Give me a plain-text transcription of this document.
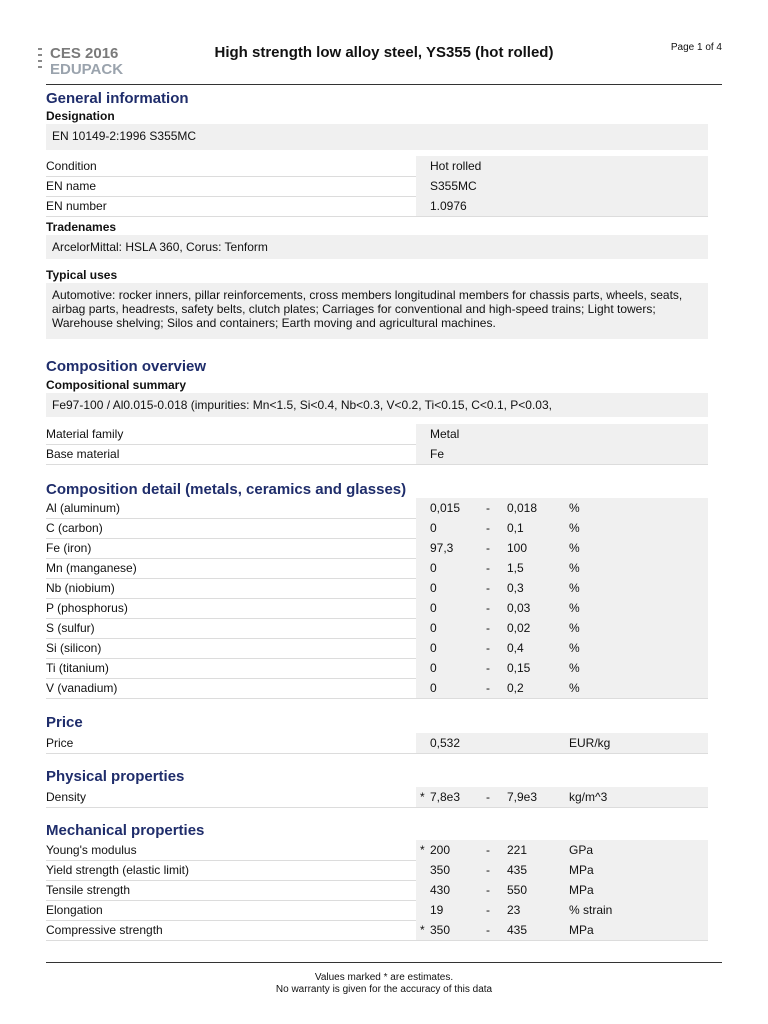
CES 2016
EDUPACK
High strength low alloy steel, YS355 (hot rolled)	Page 1 of 4
General information
Designation
EN 10149-2:1996 S355MC
Condition	Hot rolled
EN name	S355MC
EN number	1.0976
Tradenames
ArcelorMittal: HSLA 360, Corus: Tenform
Typical uses
Automotive: rocker inners, pillar reinforcements, cross members longitudinal members for chassis parts, wheels, seats, airbag parts, headrests, safety belts, clutch plates; Carriages for conventional and high-speed trains; Light towers; Warehouse shelving; Silos and containers; Earth moving and agricultural machines.
Composition overview
Compositional summary
Fe97-100 / Al0.015-0.018 (impurities: Mn<1.5, Si<0.4, Nb<0.3, V<0.2, Ti<0.15, C<0.1, P<0.03,
Material family	Metal
Base material	Fe
Composition detail (metals, ceramics and glasses)
Al (aluminum)	0,015 - 0,018	%
C (carbon)	0	- 0,1	%
Fe (iron)	97,3	- 100	%
Mn (manganese)	0	- 1,5	%
Nb (niobium)	0	- 0,3	%
P (phosphorus)	0	- 0,03	%
S (sulfur)	0	- 0,02	%
Si (silicon)	0	- 0,4	%
Ti (titanium)	0	- 0,15	%
V (vanadium)	0	- 0,2	%
Price
Price	0,532	EUR/kg
Physical properties
Density	* 7,8e3 - 7,9e3	kg/m^3
Mechanical properties
Young's modulus	* 200	- 221	GPa
Yield strength (elastic limit)	350	- 435	MPa
Tensile strength	430	- 550	MPa
Elongation	19	- 23	% strain
Compressive strength	* 350	- 435	MPa
Values marked * are estimates.
No warranty is given for the accuracy of this data
